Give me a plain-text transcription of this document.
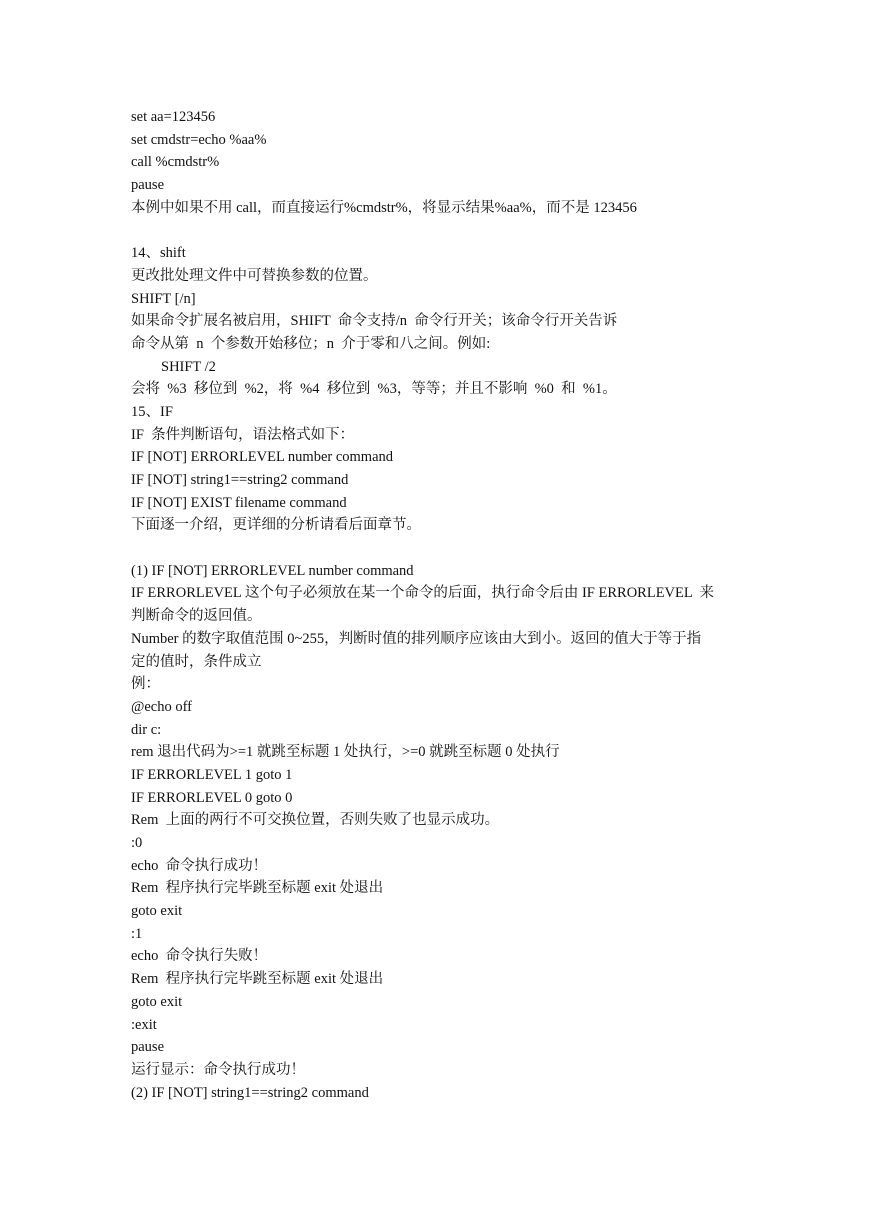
set aa=123456
set cmdstr=echo %aa%
call %cmdstr%
pause
本例中如果不用 call，而直接运行%cmdstr%，将显示结果%aa%，而不是 123456
14、shift
更改批处理文件中可替换参数的位置。
SHIFT [/n]
如果命令扩展名被启用，SHIFT  命令支持/n  命令行开关；该命令行开关告诉
命令从第  n  个参数开始移位；n  介于零和八之间。例如:
SHIFT /2
会将  %3  移位到  %2，将  %4  移位到  %3，等等；并且不影响  %0  和  %1。
15、IF
IF  条件判断语句，语法格式如下：
IF [NOT] ERRORLEVEL number command
IF [NOT] string1==string2 command
IF [NOT] EXIST filename command
下面逐一介绍，更详细的分析请看后面章节。
(1) IF [NOT] ERRORLEVEL number command
IF ERRORLEVEL 这个句子必须放在某一个命令的后面，执行命令后由 IF ERRORLEVEL  来
判断命令的返回值。
Number 的数字取值范围 0~255，判断时值的排列顺序应该由大到小。返回的值大于等于指
定的值时，条件成立
例：
@echo off
dir c:
rem 退出代码为>=1 就跳至标题 1 处执行，>=0 就跳至标题 0 处执行
IF ERRORLEVEL 1 goto 1
IF ERRORLEVEL 0 goto 0
Rem  上面的两行不可交换位置，否则失败了也显示成功。
:0
echo  命令执行成功！
Rem  程序执行完毕跳至标题 exit 处退出
goto exit
:1
echo  命令执行失败！
Rem  程序执行完毕跳至标题 exit 处退出
goto exit
:exit
pause
运行显示：命令执行成功！
(2) IF [NOT] string1==string2 command
